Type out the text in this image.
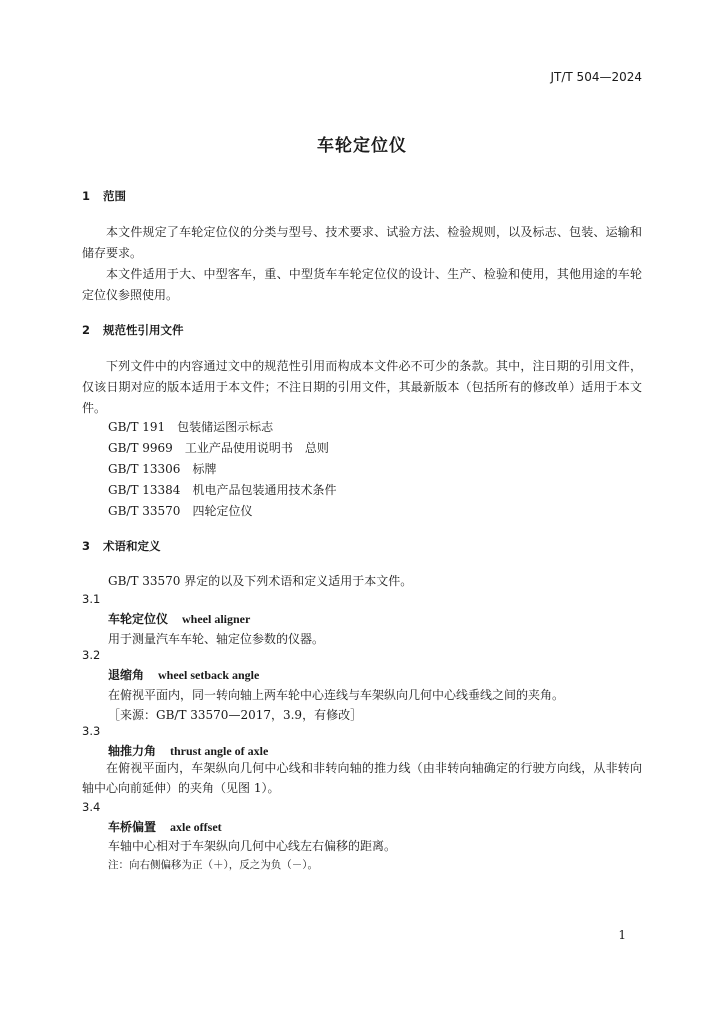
JT/T 504—2024
车轮定位仪
1 范围
本文件规定了车轮定位仪的分类与型号、技术要求、试验方法、检验规则，以及标志、包装、运输和储存要求。
本文件适用于大、中型客车，重、中型货车车轮定位仪的设计、生产、检验和使用，其他用途的车轮定位仪参照使用。
2 规范性引用文件
下列文件中的内容通过文中的规范性引用而构成本文件必不可少的条款。其中，注日期的引用文件，仅该日期对应的版本适用于本文件；不注日期的引用文件，其最新版本（包括所有的修改单）适用于本文件。
GB/T 191 包装储运图示标志
GB/T 9969 工业产品使用说明书　总则
GB/T 13306 标牌
GB/T 13384 机电产品包装通用技术条件
GB/T 33570 四轮定位仪
3 术语和定义
GB/T 33570 界定的以及下列术语和定义适用于本文件。
3.1
车轮定位仪 wheel aligner
用于测量汽车车轮、轴定位参数的仪器。
3.2
退缩角 wheel setback angle
在俯视平面内，同一转向轴上两车轮中心连线与车架纵向几何中心线垂线之间的夹角。
［来源：GB/T 33570—2017，3.9，有修改］
3.3
轴推力角 thrust angle of axle
在俯视平面内，车架纵向几何中心线和非转向轴的推力线（由非转向轴确定的行驶方向线，从非转向轴中心向前延伸）的夹角（见图 1）。
3.4
车桥偏置 axle offset
车轴中心相对于车架纵向几何中心线左右偏移的距离。
注：向右侧偏移为正（＋），反之为负（－）。
1
